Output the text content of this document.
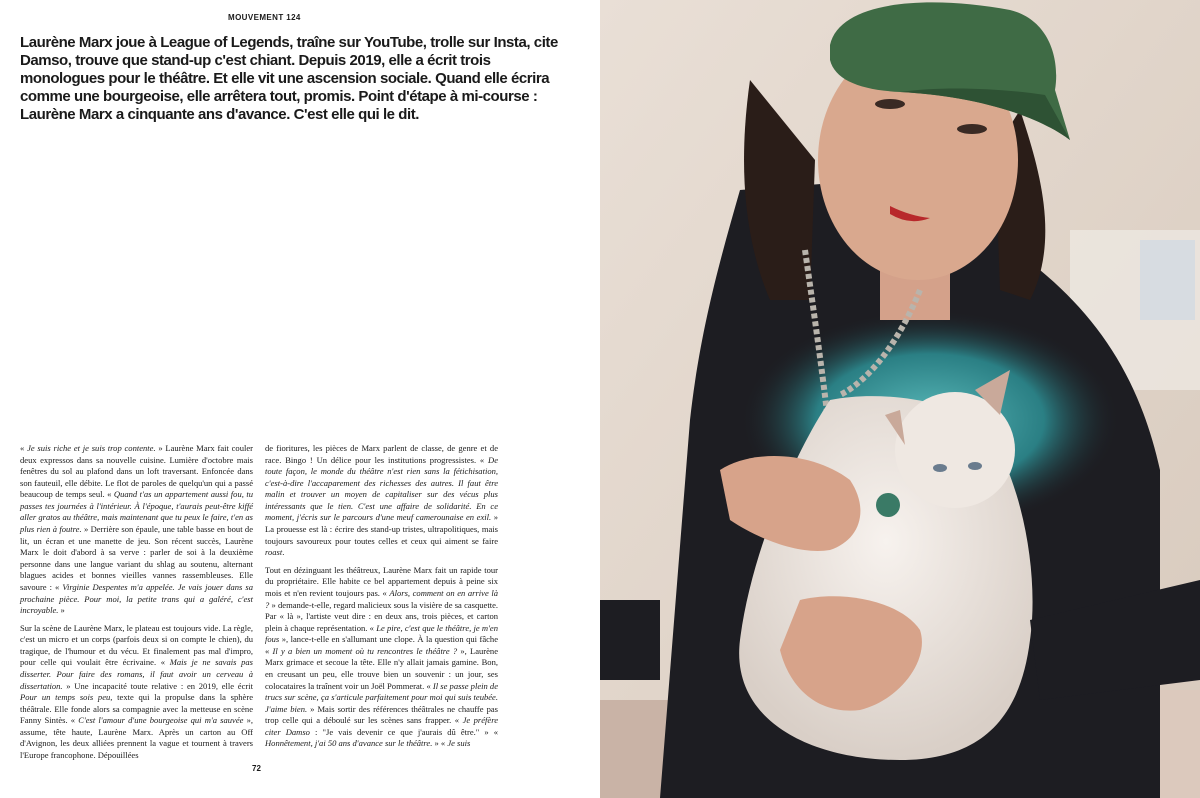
MOUVEMENT 124

Laurène Marx joue à League of Legends, traîne sur YouTube, trolle sur Insta, cite Damso, trouve que stand-up c'est chiant. Depuis 2019, elle a écrit trois monologues pour le théâtre. Et elle vit une ascension sociale. Quand elle écrira comme une bourgeoise, elle arrêtera tout, promis. Point d'étape à mi-course : Laurène Marx a cinquante ans d'avance. C'est elle qui le dit.

« Je suis riche et je suis trop contente. » Laurène Marx fait couler deux expressos dans sa nouvelle cuisine. Lumière d'octobre mais fenêtres du sol au plafond dans un loft traversant. Enfoncée dans son fauteuil, elle débite. Le flot de paroles de quelqu'un qui a passé beaucoup de temps seul. « Quand t'as un appartement aussi fou, tu passes tes journées à l'intérieur. À l'époque, t'aurais peut-être kiffé aller gratos au théâtre, mais maintenant que tu peux le faire, t'en as plus rien à foutre. » Derrière son épaule, une table basse en bout de lit, un écran et une manette de jeu. Son récent succès, Laurène Marx le doit d'abord à sa verve : parler de soi à la deuxième personne dans une langue variant du shlag au soutenu, alternant blagues acides et bonnes vieilles vannes rassembleuses. Elle savoure : « Virginie Despentes m'a appelée. Je vais jouer dans sa prochaine pièce. Pour moi, la petite trans qui a galéré, c'est incroyable. »

Sur la scène de Laurène Marx, le plateau est toujours vide. La règle, c'est un micro et un corps (parfois deux si on compte le chien), du tragique, de l'humour et du vécu. Et finalement pas mal d'impro, pour celle qui voulait être écrivaine. « Mais je ne savais pas disserter. Pour faire des romans, il faut avoir un cerveau à dissertation. » Une incapacité toute relative : en 2019, elle écrit Pour un temps sois peu, texte qui la propulse dans la sphère théâtrale. Elle fonde alors sa compagnie avec la metteuse en scène Fanny Sintès. « C'est l'amour d'une bourgeoise qui m'a sauvée », assume, tête haute, Laurène Marx. Après un carton au Off d'Avignon, les deux alliées prennent la vague et tournent à travers l'Europe francophone. Dépouillées

de fioritures, les pièces de Marx parlent de classe, de genre et de race. Bingo ! Un délice pour les institutions progressistes. « De toute façon, le monde du théâtre n'est rien sans la fétichisation, c'est-à-dire l'accaparement des richesses des autres. Il faut être malin et trouver un moyen de capitaliser sur des vécus plus intéressants que le tien. C'est une affaire de solidarité. En ce moment, j'écris sur le parcours d'une meuf camerounaise en exil. » La prouesse est là : écrire des stand-up tristes, ultrapolitiques, mais toujours savoureux pour toutes celles et ceux qui aiment se faire roast.

Tout en dézinguant les théâtreux, Laurène Marx fait un rapide tour du propriétaire. Elle habite ce bel appartement depuis à peine six mois et n'en revient toujours pas. « Alors, comment on en arrive là ? » demande-t-elle, regard malicieux sous la visière de sa casquette. Par « là », l'artiste veut dire : en deux ans, trois pièces, et carton plein à chaque représentation. « Le pire, c'est que le théâtre, je m'en fous », lance-t-elle en s'allumant une clope. À la question qui fâche « Il y a bien un moment où tu rencontres le théâtre ? », Laurène Marx grimace et secoue la tête. Elle n'y allait jamais gamine. Bon, en creusant un peu, elle trouve bien un souvenir : un jour, ses colocataires la traînent voir un Joël Pommerat. « Il se passe plein de trucs sur scène, ça s'articule parfaitement pour moi qui suis teubée. J'aime bien. » Mais sortir des références théâtrales ne chauffe pas trop celle qui a déboulé sur les scènes sans frapper. « Je préfère citer Damso : "Je vais devenir ce que j'aurais dû être." » « Honnêtement, j'ai 50 ans d'avance sur le théâtre. » « Je suis

72
